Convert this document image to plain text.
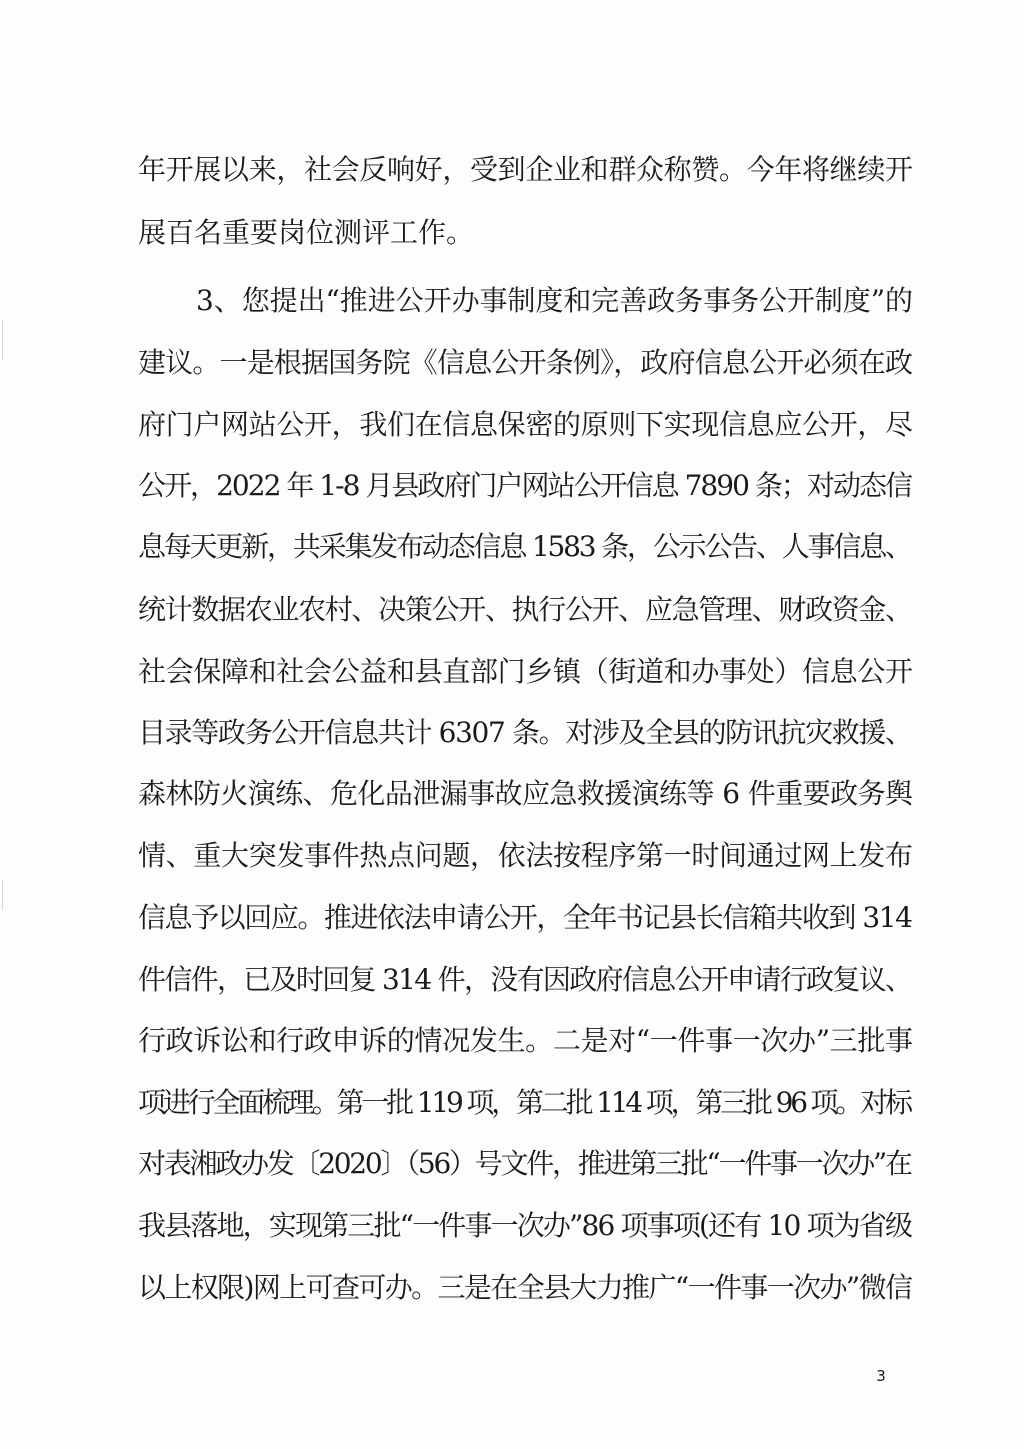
年开展以来，社会反响好，受到企业和群众称赞。今年将继续开
展百名重要岗位测评工作。
3、您提出“推进公开办事制度和完善政务事务公开制度”的
建议。一是根据国务院《信息公开条例》，政府信息公开必须在政
府门户网站公开，我们在信息保密的原则下实现信息应公开，尽
公开，2022 年 1-8 月县政府门户网站公开信息 7890 条；对动态信
息每天更新，共采集发布动态信息 1583 条，公示公告、人事信息、
统计数据农业农村、决策公开、执行公开、应急管理、财政资金、
社会保障和社会公益和县直部门乡镇（街道和办事处）信息公开
目录等政务公开信息共计 6307 条。对涉及全县的防讯抗灾救援、
森林防火演练、危化品泄漏事故应急救援演练等 6 件重要政务舆
情、重大突发事件热点问题，依法按程序第一时间通过网上发布
信息予以回应。推进依法申请公开，全年书记县长信箱共收到 314
件信件，已及时回复 314 件，没有因政府信息公开申请行政复议、
行政诉讼和行政申诉的情况发生。二是对“一件事一次办”三批事
项进行全面梳理。第一批 119 项，第二批 114 项，第三批 96 项。对标
对表湘政办发〔2020〕（56）号文件，推进第三批“一件事一次办”在
我县落地，实现第三批“一件事一次办”86 项事项(还有 10 项为省级
以上权限)网上可查可办。三是在全县大力推广“一件事一次办”微信
3
